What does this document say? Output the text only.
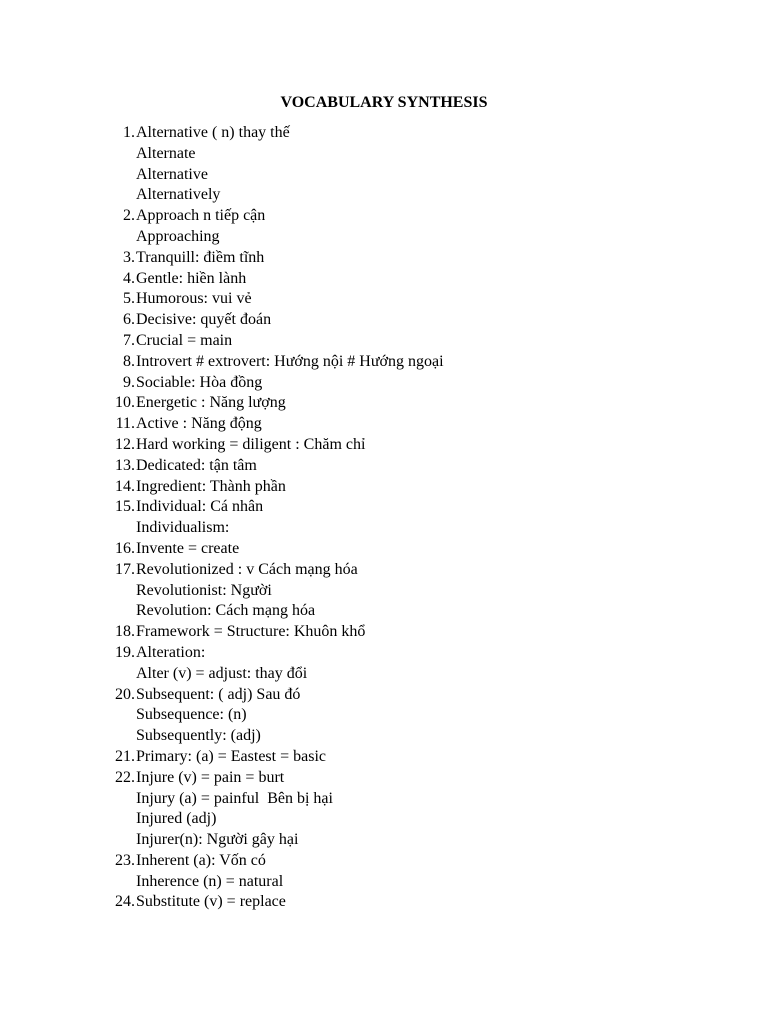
VOCABULARY SYNTHESIS
1. Alternative ( n) thay thế
Alternate
Alternative
Alternatively
2. Approach n tiếp cận
Approaching
3. Tranquill: điềm tĩnh
4. Gentle: hiền lành
5. Humorous: vui vẻ
6. Decisive: quyết đoán
7. Crucial = main
8. Introvert # extrovert: Hướng nội # Hướng ngoại
9. Sociable: Hòa đồng
10. Energetic : Năng lượng
11. Active : Năng động
12. Hard working = diligent : Chăm chỉ
13. Dedicated: tận tâm
14. Ingredient: Thành phần
15. Individual: Cá nhân
Individualism:
16. Invente = create
17. Revolutionized : v Cách mạng hóa
Revolutionist: Người
Revolution: Cách mạng hóa
18. Framework = Structure: Khuôn khổ
19. Alteration:
Alter (v) = adjust: thay đổi
20. Subsequent: ( adj) Sau đó
Subsequence: (n)
Subsequently: (adj)
21. Primary: (a) = Eastest = basic
22. Injure (v) = pain = burt
Injury (a) = painful  Bên bị hại
Injured (adj)
Injurer(n): Người gây hại
23. Inherent (a): Vốn có
Inherence (n) = natural
24. Substitute (v) = replace
